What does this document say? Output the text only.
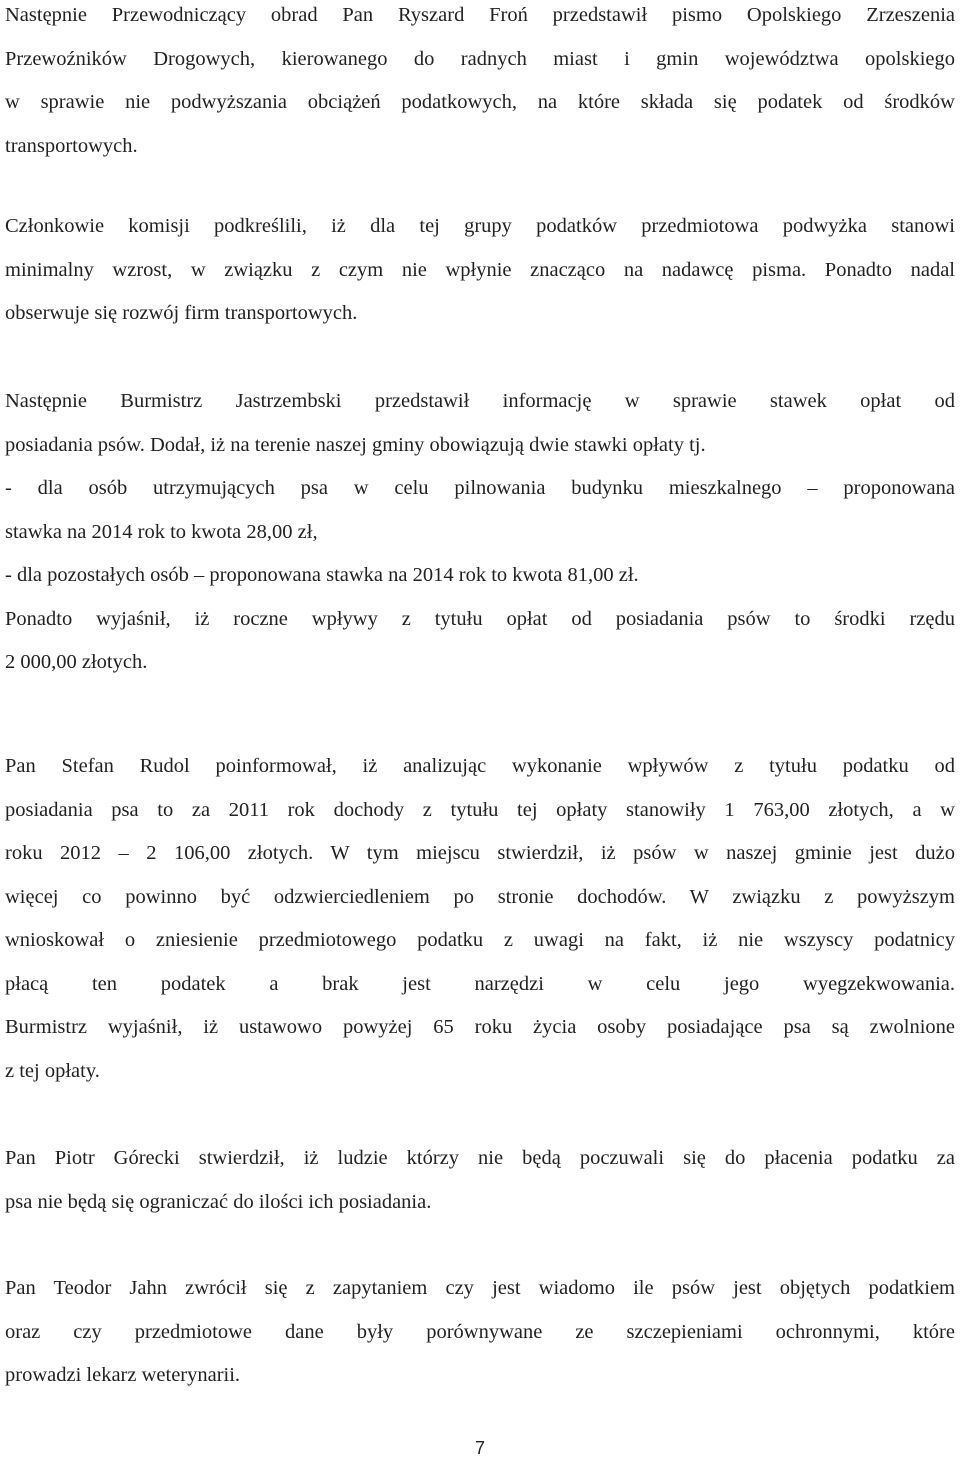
Następnie Przewodniczący obrad Pan Ryszard Froń przedstawił pismo Opolskiego Zrzeszenia
Przewoźników Drogowych, kierowanego do radnych miast i gmin województwa opolskiego
w sprawie nie podwyższania obciążeń podatkowych, na które składa się podatek od środków
transportowych.

Członkowie komisji podkreślili, iż dla tej grupy podatków przedmiotowa podwyżka stanowi
minimalny wzrost, w związku z czym nie wpłynie znacząco na nadawcę pisma. Ponadto nadal
obserwuje się rozwój firm transportowych.

Następnie Burmistrz Jastrzembski przedstawił informację w sprawie stawek opłat od
posiadania psów. Dodał, iż na terenie naszej gminy obowiązują dwie stawki opłaty tj.
- dla osób utrzymujących psa w celu pilnowania budynku mieszkalnego – proponowana
stawka na 2014 rok to kwota 28,00 zł,
- dla pozostałych osób – proponowana stawka na 2014 rok to kwota 81,00 zł.
Ponadto wyjaśnił, iż roczne wpływy z tytułu opłat od posiadania psów to środki rzędu
2 000,00 złotych.

Pan Stefan Rudol poinformował, iż analizując wykonanie wpływów z tytułu podatku od
posiadania psa to za 2011 rok dochody z tytułu tej opłaty stanowiły 1 763,00 złotych, a w
roku 2012 – 2 106,00 złotych. W tym miejscu stwierdził, iż psów w naszej gminie jest dużo
więcej co powinno być odzwierciedleniem po stronie dochodów. W związku z powyższym
wnioskował o zniesienie przedmiotowego podatku z uwagi na fakt, iż nie wszyscy podatnicy
płacą ten podatek a brak jest narzędzi w celu jego wyegzekwowania.
Burmistrz wyjaśnił, iż ustawowo powyżej 65 roku życia osoby posiadające psa są zwolnione
z tej opłaty.

Pan Piotr Górecki stwierdził, iż ludzie którzy nie będą poczuwali się do płacenia podatku za
psa nie będą się ograniczać do ilości ich posiadania.

Pan Teodor Jahn zwrócił się z zapytaniem czy jest wiadomo ile psów jest objętych podatkiem
oraz czy przedmiotowe dane były porównywane ze szczepieniami ochronnymi, które
prowadzi lekarz weterynarii.

7
